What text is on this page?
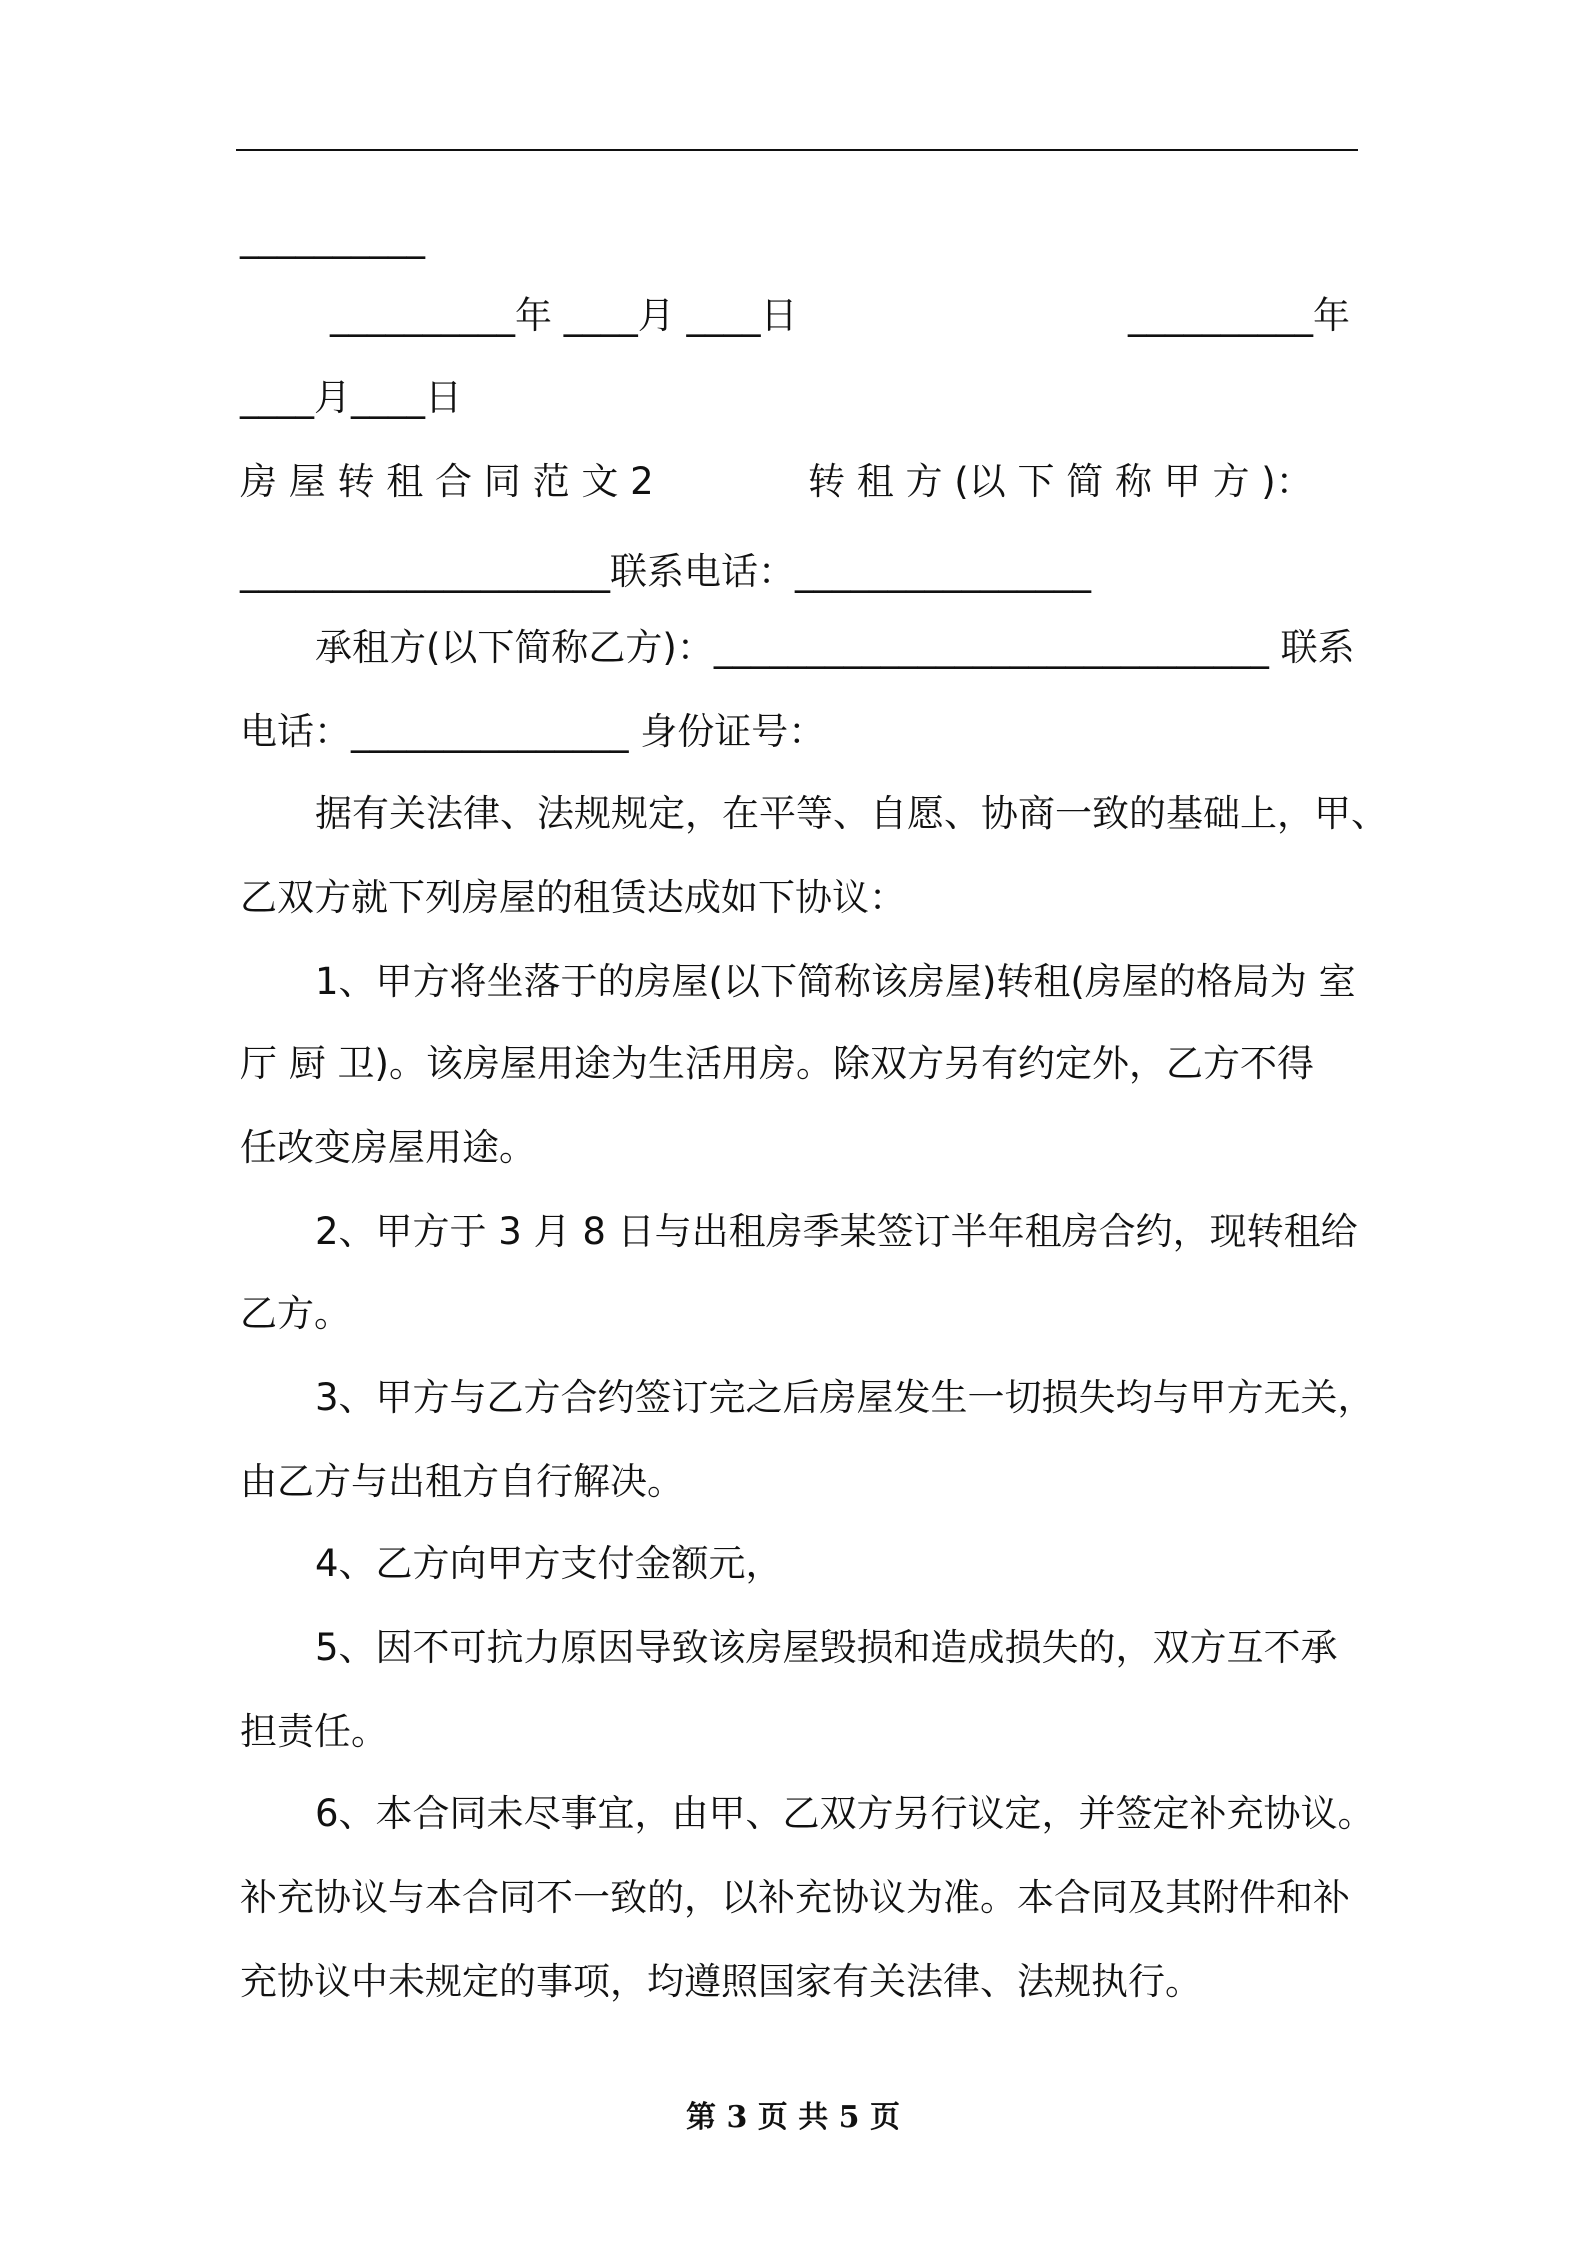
__________
__________年 ____月 ____日	__________年
____月____日
房 屋 转 租 合 同 范 文 2	转 租 方 (以 下 简 称 甲 方 )：
____________________联系电话：________________
承租方(以下简称乙方)：______________________________ 联系
电话：_______________ 身份证号：
据有关法律、法规规定，在平等、自愿、协商一致的基础上，甲、
乙双方就下列房屋的租赁达成如下协议：
1、甲方将坐落于的房屋(以下简称该房屋)转租(房屋的格局为 室
厅 厨 卫)。该房屋用途为生活用房。除双方另有约定外，乙方不得
任改变房屋用途。
2、甲方于 3 月 8 日与出租房季某签订半年租房合约，现转租给
乙方。
3、甲方与乙方合约签订完之后房屋发生一切损失均与甲方无关，
由乙方与出租方自行解决。
4、乙方向甲方支付金额元，
5、因不可抗力原因导致该房屋毁损和造成损失的，双方互不承
担责任。
6、本合同未尽事宜，由甲、乙双方另行议定，并签定补充协议。
补充协议与本合同不一致的，以补充协议为准。本合同及其附件和补
充协议中未规定的事项，均遵照国家有关法律、法规执行。
第 3 页 共 5 页
